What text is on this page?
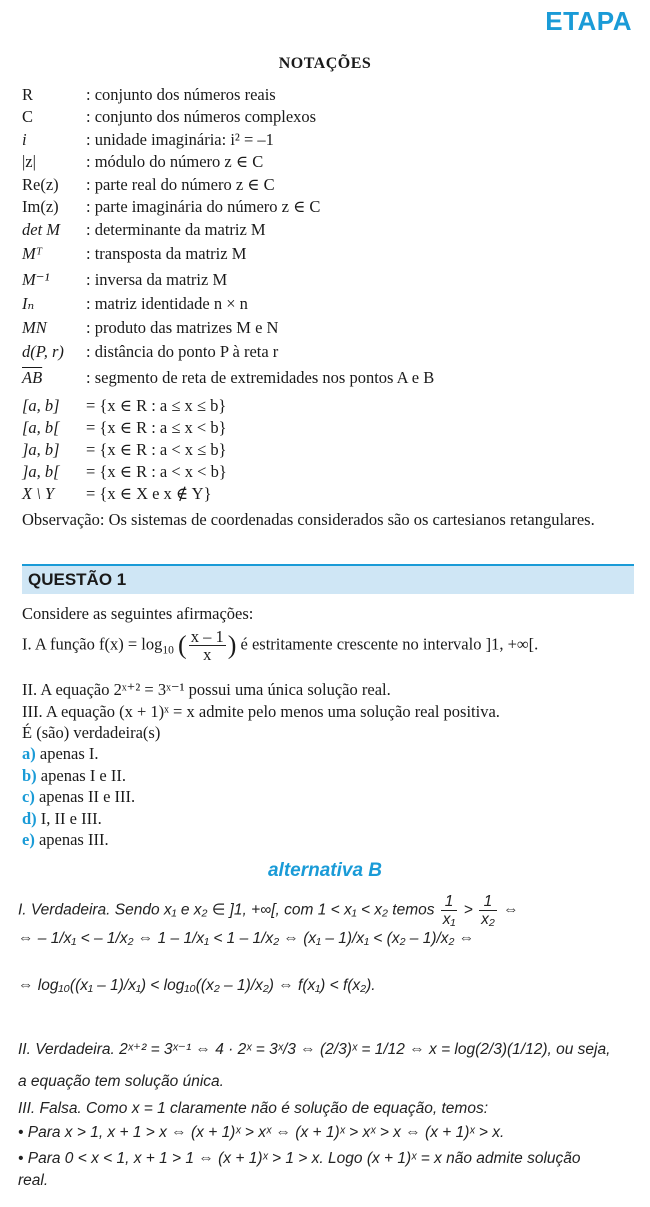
ETAPA
NOTAÇÕES
R	: conjunto dos números reais
C	: conjunto dos números complexos
i	: unidade imaginária: i² = –1
|z|	: módulo do número z ∈ C
Re(z) : parte real do número z ∈ C
Im(z) : parte imaginária do número z ∈ C
det M : determinante da matriz M
Mᵀ	: transposta da matriz M
M⁻¹ : inversa da matriz M
Iₙ	: matriz identidade n × n
MN : produto das matrizes M e N
d(P, r) : distância do ponto P à reta r
$\overline{AB}$	: segmento de reta de extremidades nos pontos A e B
[a, b] = {x ∈ R : a ≤ x ≤ b}
[a, b[ = {x ∈ R : a ≤ x < b}
]a, b] = {x ∈ R : a < x ≤ b}
]a, b[ = {x ∈ R : a < x < b}
X \ Y = {x ∈ X e x ∉ Y}
Observação: Os sistemas de coordenadas considerados são os cartesianos retangulares.
QUESTÃO 1
Considere as seguintes afirmações:
I. A função $f(x) = \log_{10}$ ( $\frac{x - 1}{x}$ ) é estritamente crescente no intervalo ]1, +∞[.
II. A equação 2ˣ⁺² = 3ˣ⁻¹ possui uma única solução real.
III. A equação (x + 1)ˣ = x admite pelo menos uma solução real positiva.
É (são) verdadeira(s)
a) apenas I.
b) apenas I e II.
c) apenas II e III.
d) I, II e III.
e) apenas III.
alternativa B
I. Verdadeira. Sendo x₁ e x₂ ∈ ]1, +∞[, com 1 < x₁ < x₂ temos $\frac{1}{\text{x₁}} > \frac{1}{\text{x₂}}$ ⇔
⇔ – 1/x₁ < – 1/x₂ ⇔ 1 – 1/x₁ < 1 – 1/x₂ ⇔ (x₁ – 1)/x₁ < (x₂ – 1)/x₂ ⇔
⇔ log₁₀((x₁ – 1)/x₁) < log₁₀((x₂ – 1)/x₂) ⇔ f(x₁) < f(x₂).
II. Verdadeira. 2ˣ⁺² = 3ˣ⁻¹ ⇔ 4 · 2ˣ = 3ˣ/3 ⇔ (2/3)ˣ = 1/12 ⇔ x = log(2/3)(1/12), ou seja,
a equação tem solução única.
III. Falsa. Como x = 1 claramente não é solução de equação, temos:
• Para x > 1, x + 1 > x ⇔ (x + 1)ˣ > xˣ ⇔ (x + 1)ˣ > xˣ > x ⇔ (x + 1)ˣ > x.
• Para 0 < x < 1, x + 1 > 1 ⇔ (x + 1)ˣ > 1 > x. Logo (x + 1)ˣ = x não admite solução
real.
